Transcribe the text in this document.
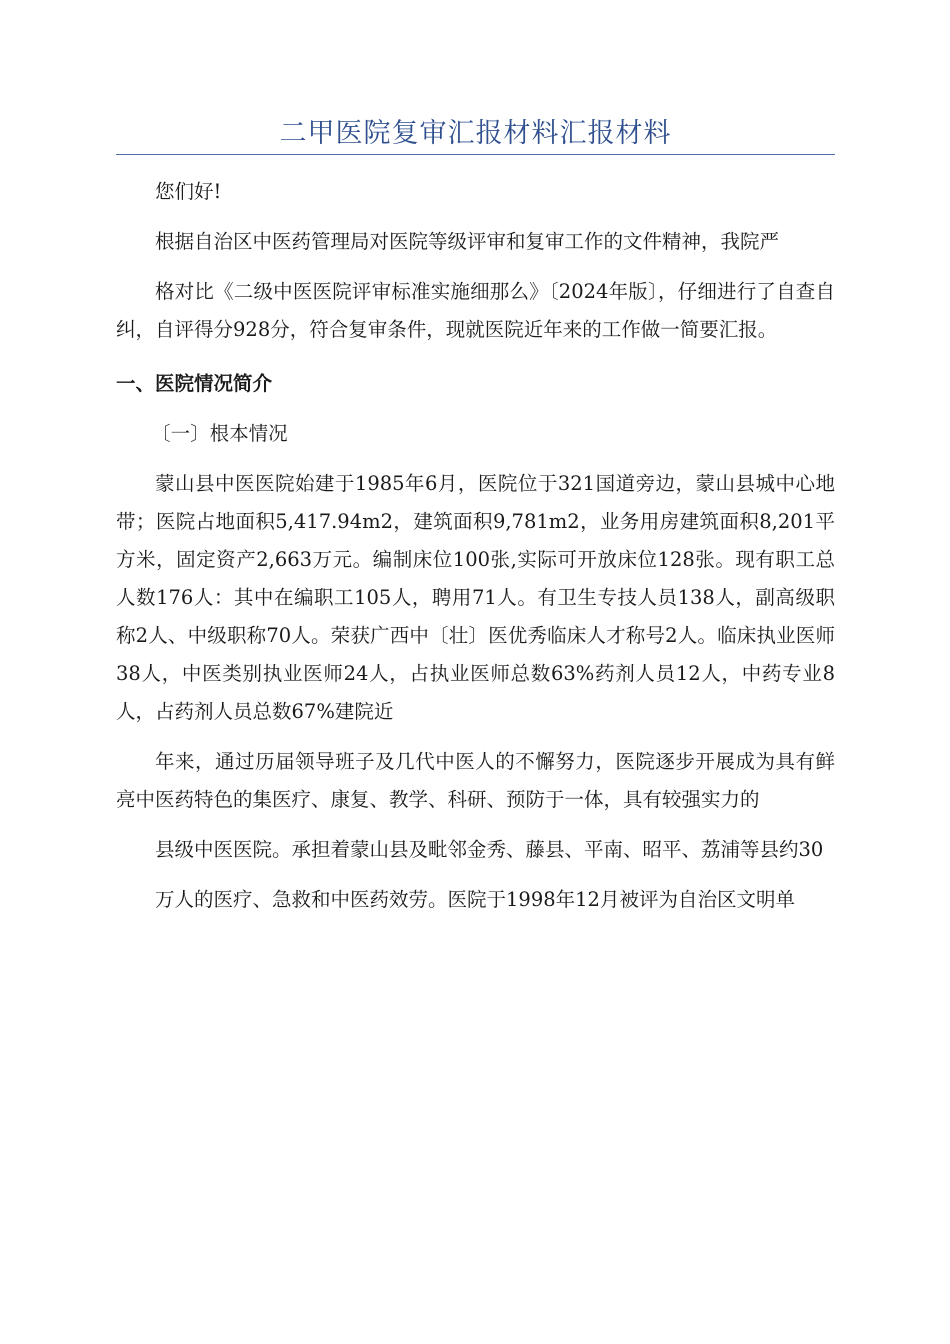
二甲医院复审汇报材料汇报材料

您们好!

根据自治区中医药管理局对医院等级评审和复审工作的文件精神，我院严

格对比《二级中医医院评审标准实施细那么》〔2024年版〕，仔细进行了自查自纠，自评得分928分，符合复审条件，现就医院近年来的工作做一简要汇报。

一、医院情况简介
〔一〕根本情况

蒙山县中医医院始建于1985年6月，医院位于321国道旁边，蒙山县城中心地带；医院占地面积5,417.94m2，建筑面积9,781m2，业务用房建筑面积8,201平方米，固定资产2,663万元。编制床位100张,实际可开放床位128张。现有职工总人数176人：其中在编职工105人，聘用71人。有卫生专技人员138人，副高级职称2人、中级职称70人。荣获广西中〔壮〕医优秀临床人才称号2人。临床执业医师38人，中医类别执业医师24人，占执业医师总数63%药剂人员12人，中药专业8人，占药剂人员总数67%建院近

年来，通过历届领导班子及几代中医人的不懈努力，医院逐步开展成为具有鲜亮中医药特色的集医疗、康复、教学、科研、预防于一体，具有较强实力的

县级中医医院。承担着蒙山县及毗邻金秀、藤县、平南、昭平、荔浦等县约30

万人的医疗、急救和中医药效劳。医院于1998年12月被评为自治区文明单
